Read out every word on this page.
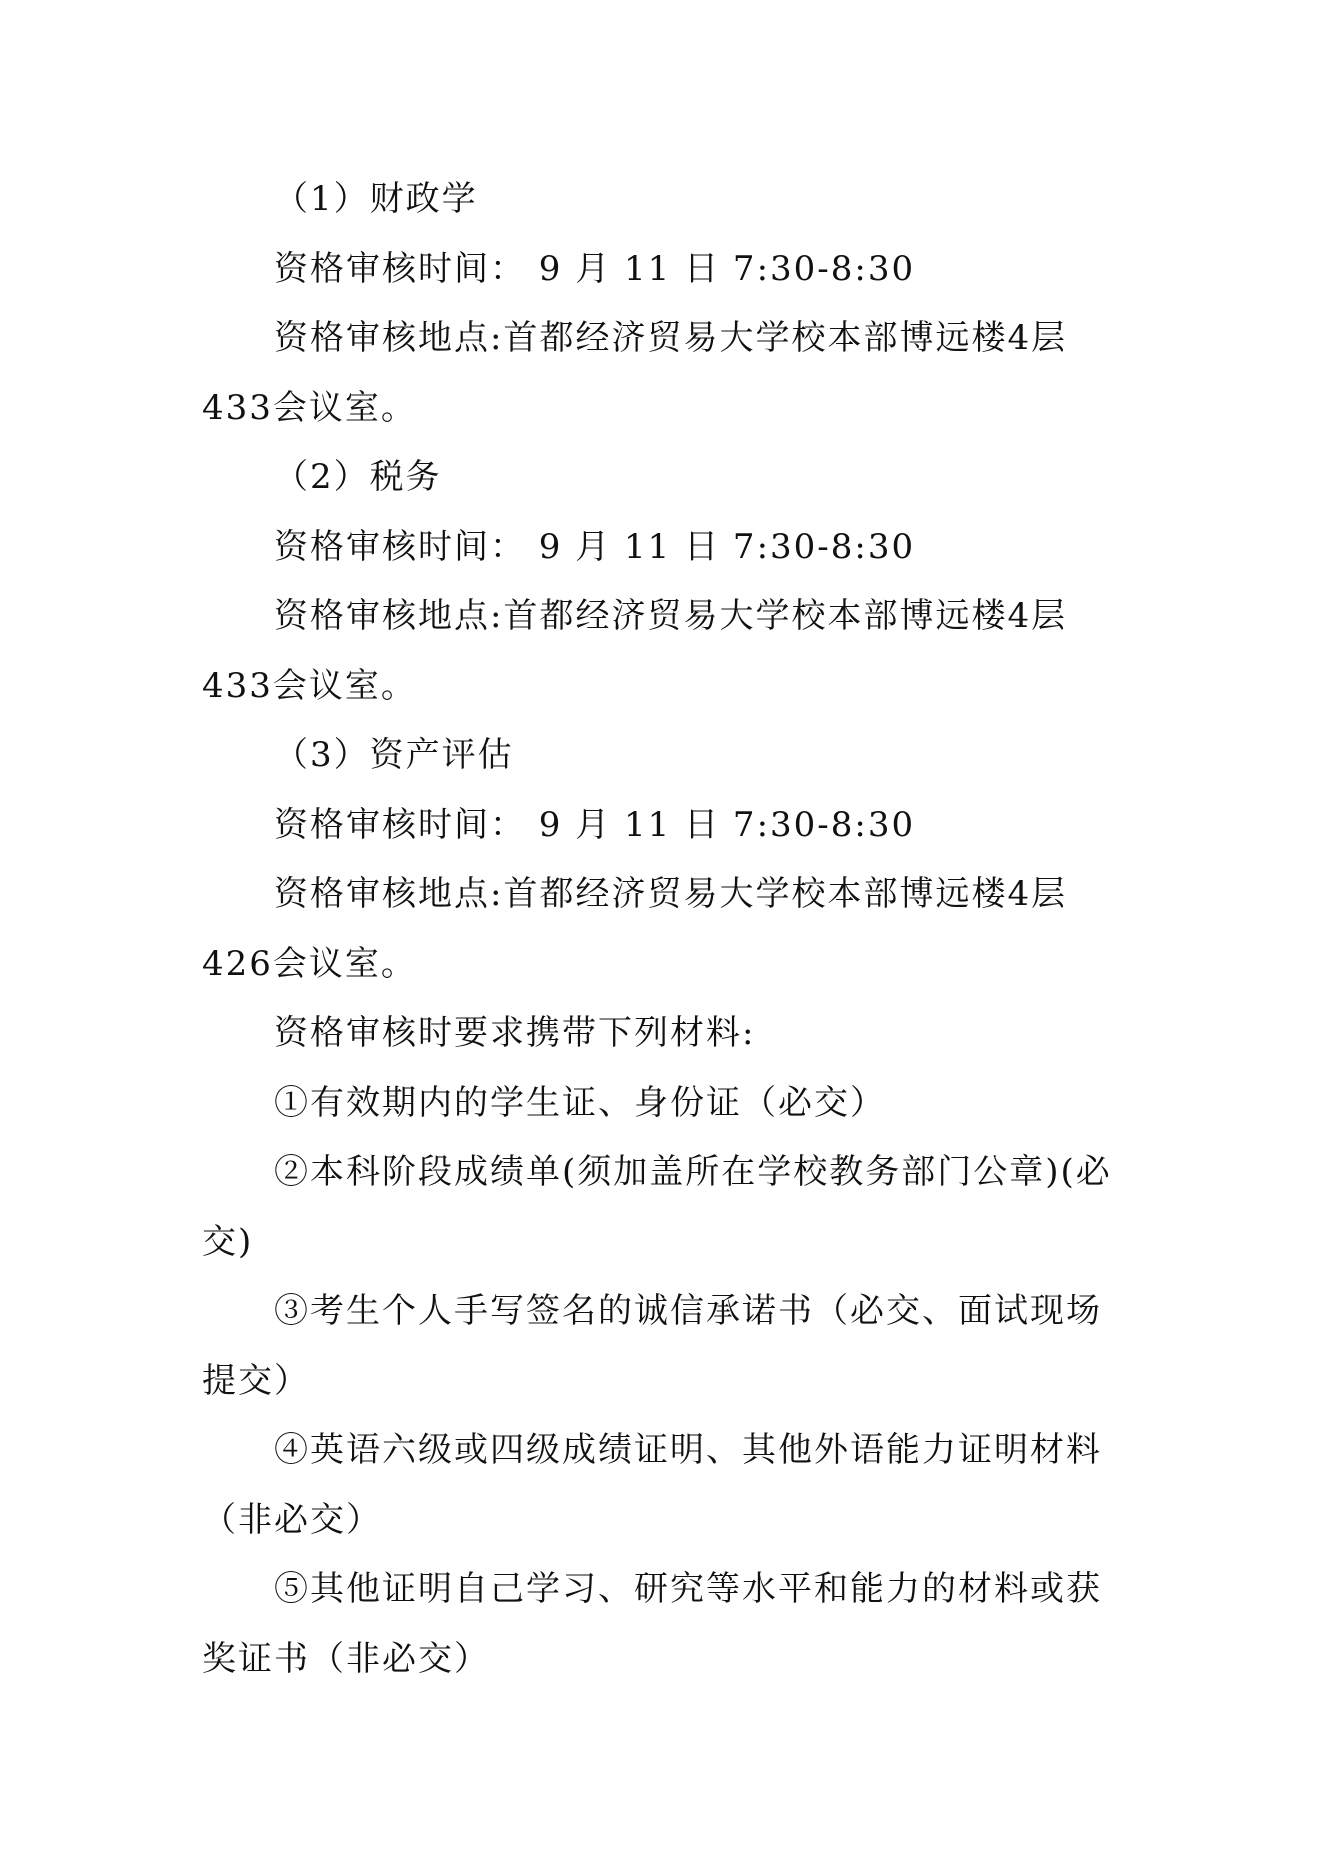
（1）财政学

资格审核时间： 9 月 11 日 7:30-8:30

资格审核地点:首都经济贸易大学校本部博远楼4层433会议室。

（2）税务

资格审核时间： 9 月 11 日 7:30-8:30

资格审核地点:首都经济贸易大学校本部博远楼4层433会议室。

（3）资产评估

资格审核时间： 9 月 11 日 7:30-8:30

资格审核地点:首都经济贸易大学校本部博远楼4层426会议室。

资格审核时要求携带下列材料:

①有效期内的学生证、身份证（必交）

②本科阶段成绩单(须加盖所在学校教务部门公章)(必交)

③考生个人手写签名的诚信承诺书（必交、面试现场提交）

④英语六级或四级成绩证明、其他外语能力证明材料（非必交）

⑤其他证明自己学习、研究等水平和能力的材料或获奖证书（非必交）
